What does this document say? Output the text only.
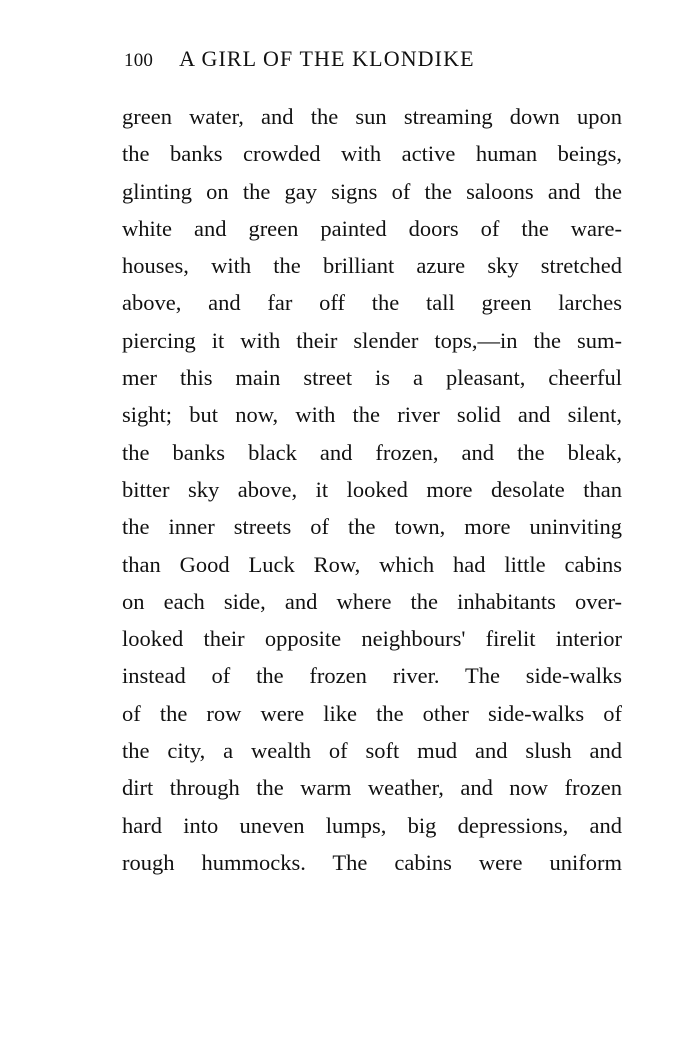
100 A GIRL OF THE KLONDIKE
green water, and the sun streaming down upon
the banks crowded with active human beings,
glinting on the gay signs of the saloons and the
white and green painted doors of the ware-
houses, with the brilliant azure sky stretched
above, and far off the tall green larches
piercing it with their slender tops,—in the sum-
mer this main street is a pleasant, cheerful
sight; but now, with the river solid and silent,
the banks black and frozen, and the bleak,
bitter sky above, it looked more desolate than
the inner streets of the town, more uninviting
than Good Luck Row, which had little cabins
on each side, and where the inhabitants over-
looked their opposite neighbours' firelit interior
instead of the frozen river. The side-walks
of the row were like the other side-walks of
the city, a wealth of soft mud and slush and
dirt through the warm weather, and now frozen
hard into uneven lumps, big depressions, and
rough hummocks. The cabins were uniform
